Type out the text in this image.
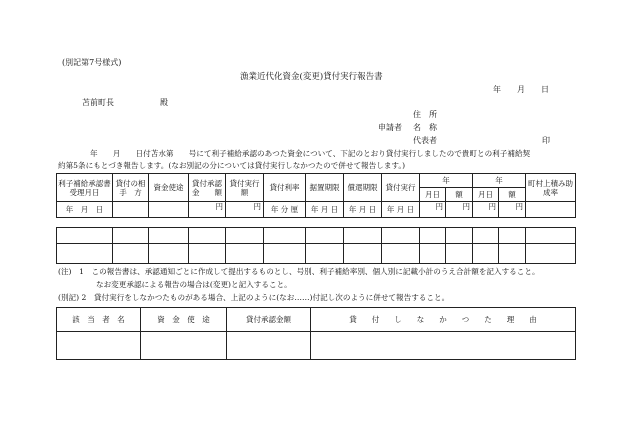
(別記第7号様式)
漁業近代化資金(変更)貸付実行報告書
年　　月　　日
苫前町長	殿
住　所
申請者 名　称
代表者	印
年　　月　　日付苫水第　　号にて利子補給承認のあつた資金について、下記のとおり貸付実行しましたので貴町との利子補給契
約第5条にもとづき報告します。(なお別記の分については貸付実行しなかつたので併せて報告します。)
利子補給承認書受理月日	貸付の相手　方	資金使途	貸付承認金　　額	貸付実行額	貸付利率	据置期限	償還期限	貸付実行	年		年		町村上積み助成率
									月日	額	月日	額	
年　月　日			円	円	年 分 厘	年 月 日	年 月 日	年 月 日	円	円	円	円	

(注)　1　この報告書は、承認通知ごとに作成して提出するものとし、号別、利子補給率別、個人別に記載小計のうえ合計額を記入すること。
なお変更承認による報告の場合は(変更)と記入すること。
(別記) 2　貸付実行をしなかつたものがある場合、上記のように(なお……)付記し次のように併せて報告すること。
該　当　者　名	資　金　使　途	貸付承認金額	貸　　付　　し　　な　　か　　つ　　た　　理　　由
